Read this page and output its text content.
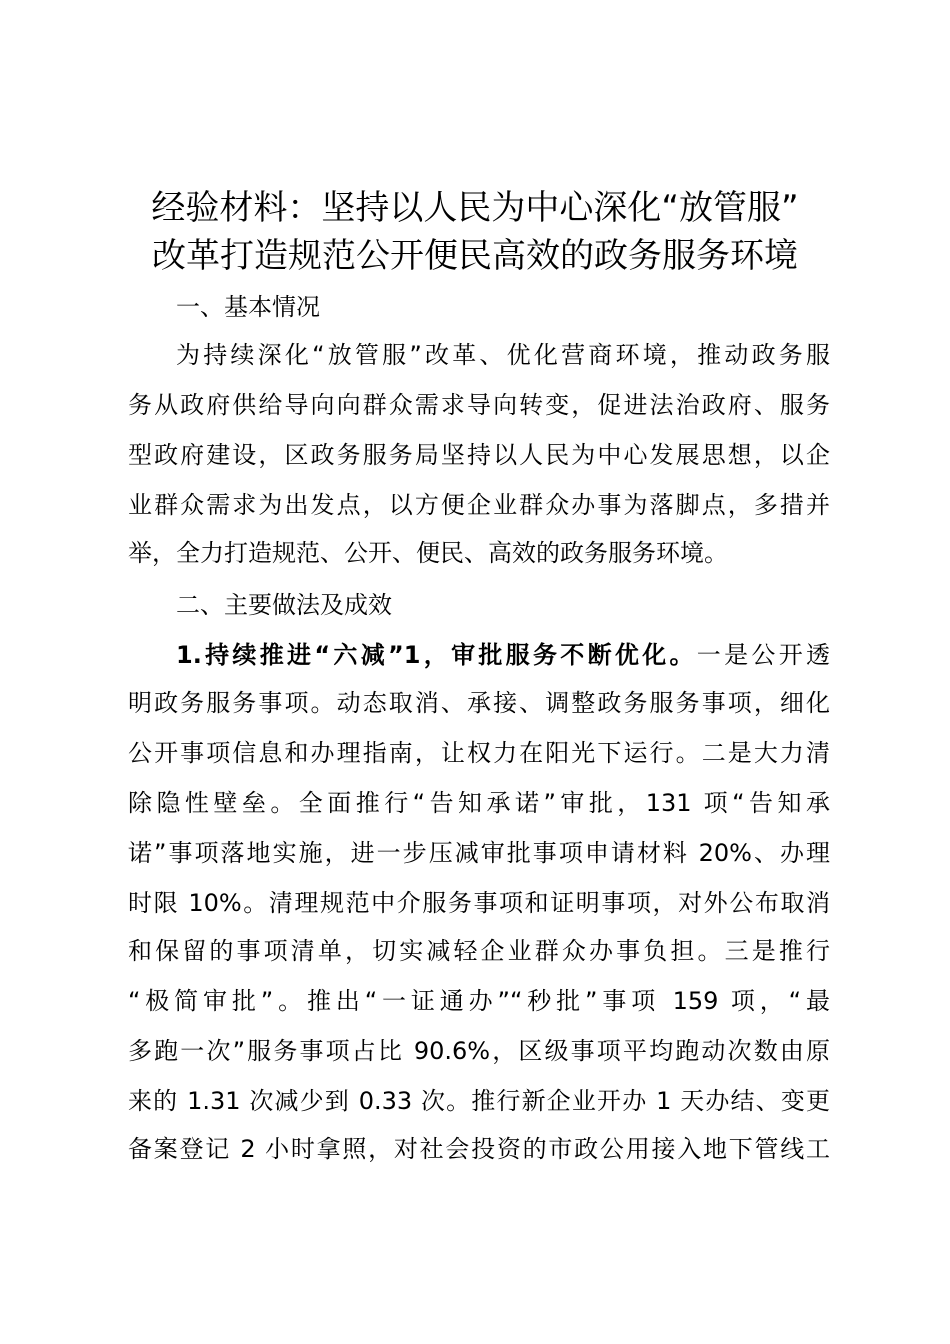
经验材料：坚持以人民为中心深化“放管服”
改革打造规范公开便民高效的政务服务环境
一、基本情况
为持续深化“放管服”改革、优化营商环境，推动政务服
务从政府供给导向向群众需求导向转变，促进法治政府、服务
型政府建设，区政务服务局坚持以人民为中心发展思想，以企
业群众需求为出发点，以方便企业群众办事为落脚点，多措并
举，全力打造规范、公开、便民、高效的政务服务环境。
二、主要做法及成效
1.持续推进“六减”1，审批服务不断优化。一是公开透
明政务服务事项。动态取消、承接、调整政务服务事项，细化
公开事项信息和办理指南，让权力在阳光下运行。二是大力清
除隐性壁垒。全面推行“告知承诺”审批，131 项“告知承
诺”事项落地实施，进一步压减审批事项申请材料 20%、办理
时限 10%。清理规范中介服务事项和证明事项，对外公布取消
和保留的事项清单，切实减轻企业群众办事负担。三是推行
“极简审批”。推出“一证通办”“秒批”事项 159 项，“最
多跑一次”服务事项占比 90.6%，区级事项平均跑动次数由原
来的 1.31 次减少到 0.33 次。推行新企业开办 1 天办结、变更
备案登记 2 小时拿照，对社会投资的市政公用接入地下管线工
